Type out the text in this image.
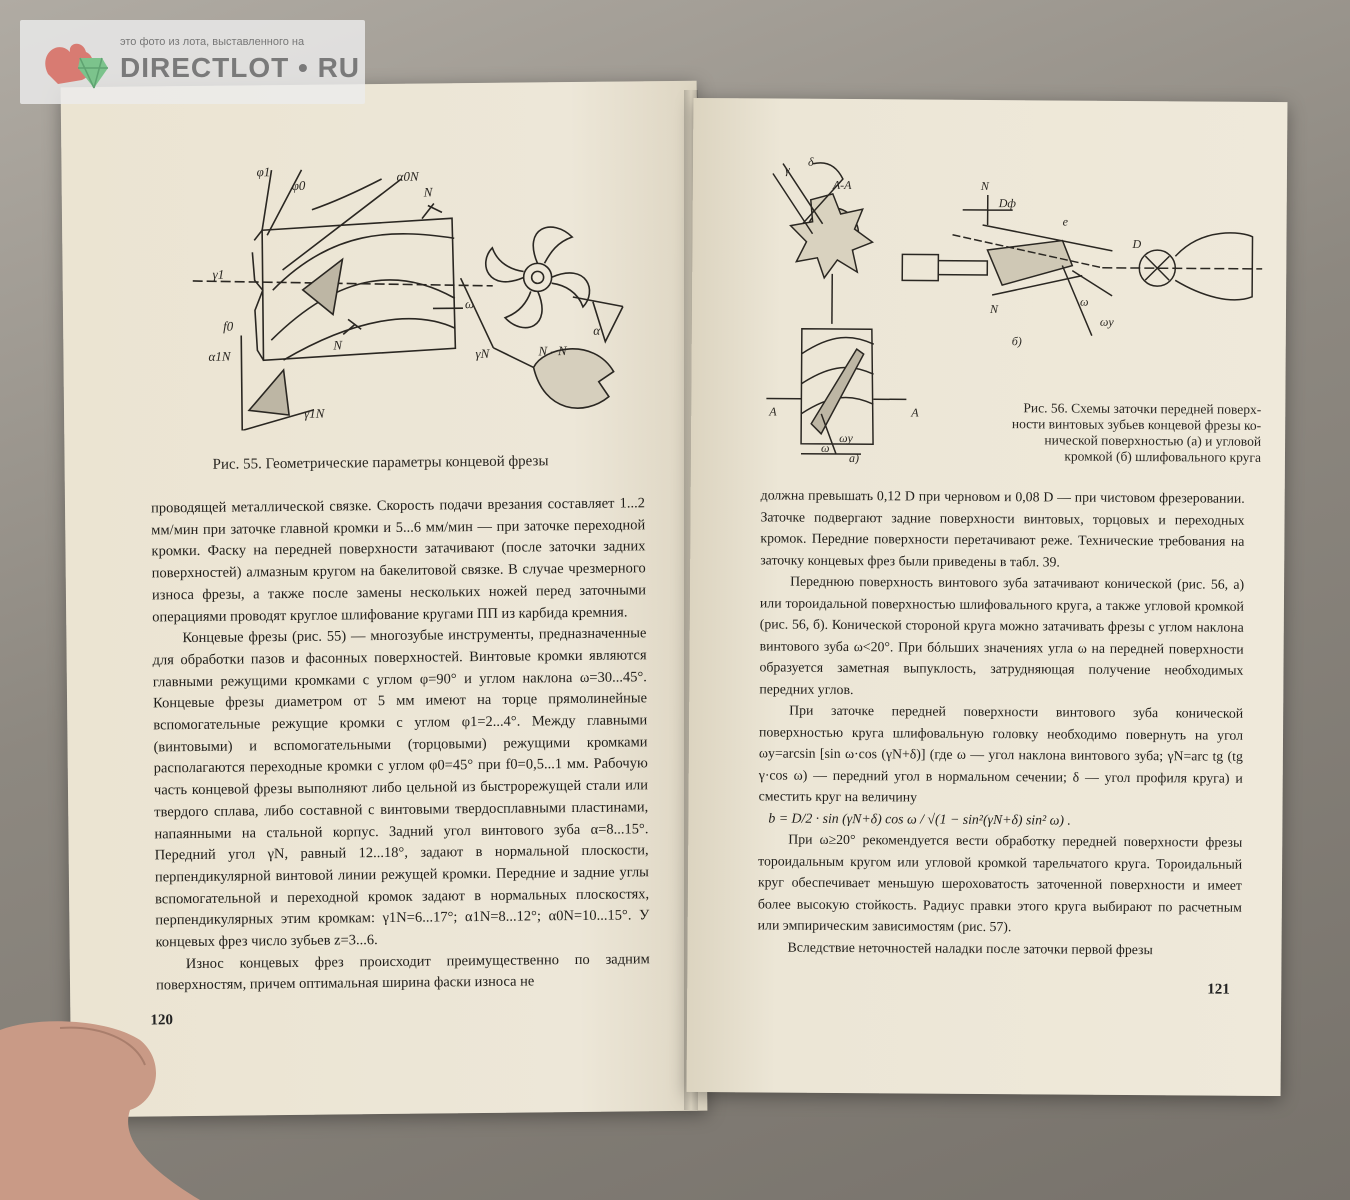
φ1
φ0
α0N
N
γ1
f0
ω
γN
N	N - N
α
α1N
γ1N
Рис. 55. Геометрические параметры концевой фрезы

проводящей металлической связке. Скорость подачи врезания составляет 1...2 мм/мин при заточке главной кромки и 5...6 мм/мин — при заточке переходной кромки. Фаску на передней поверхности затачивают (после заточки задних поверхностей) алмазным кругом на бакелитовой связке. В случае чрезмерного износа фрезы, а также после замены нескольких ножей перед заточными операциями проводят круглое шлифование кругами ПП из карбида кремния.

Концевые фрезы (рис. 55) — многозубые инструменты, предназначенные для обработки пазов и фасонных поверхностей. Винтовые кромки являются главными режущими кромками с углом φ=90° и углом наклона ω=30...45°. Концевые фрезы диаметром от 5 мм имеют на торце прямолинейные вспомогательные режущие кромки с углом φ1=2...4°. Между главными (винтовыми) и вспомогательными (торцовыми) режущими кромками располагаются переходные кромки с углом φ0=45° при f0=0,5...1 мм. Рабочую часть концевой фрезы выполняют либо цельной из быстрорежущей стали или твердого сплава, либо составной с винтовыми твердосплавными пластинами, напаянными на стальной корпус. Задний угол винтового зуба α=8...15°. Передний угол γN, равный 12...18°, задают в нормальной плоскости, перпендикулярной винтовой линии режущей кромки. Передние и задние углы вспомогательной и переходной кромок задают в нормальных плоскостях, перпендикулярных этим кромкам: γ1N=6...17°; α1N=8...12°; α0N=10...15°. У концевых фрез число зубьев z=3...6.

Износ концевых фрез происходит преимущественно по задним поверхностям, причем оптимальная ширина фаски износа не

120
γ
δ
А-А	N
Dф
e
D
N
ω
ωy
б)
A	A
ωy
ω
а)
Рис. 56. Схемы заточки передней поверх-
ности винтовых зубьев концевой фрезы ко-
нической поверхностью (а) и угловой
кромкой (б) шлифовального круга

должна превышать 0,12 D при черновом и 0,08 D — при чистовом фрезеровании. Заточке подвергают задние поверхности винтовых, торцовых и переходных кромок. Передние поверхности перетачивают реже. Технические требования на заточку концевых фрез были приведены в табл. 39.

Переднюю поверхность винтового зуба затачивают конической (рис. 56, а) или тороидальной поверхностью шлифовального круга, а также угловой кромкой (рис. 56, б). Конической стороной круга можно затачивать фрезы с углом наклона винтового зуба ω<20°. При бóльших значениях угла ω на передней поверхности образуется заметная выпуклость, затрудняющая получение необходимых передних углов.

При заточке передней поверхности винтового зуба конической поверхностью круга шлифовальную головку необходимо повернуть на угол ωy=arcsin [sin ω·cos (γN+δ)] (где ω — угол наклона винтового зуба; γN=arc tg (tg γ·cos ω) — передний угол в нормальном сечении; δ — угол профиля круга) и сместить круг на величину

b = D/2 · sin (γN+δ) cos ω / √(1 − sin²(γN+δ) sin² ω) .

При ω≥20° рекомендуется вести обработку передней поверхности фрезы тороидальным кругом или угловой кромкой тарельчатого круга. Тороидальный круг обеспечивает меньшую шероховатость заточенной поверхности и имеет более высокую стойкость. Радиус правки этого круга выбирают по расчетным или эмпирическим зависимостям (рис. 57).

Вследствие неточностей наладки после заточки первой фрезы

121
это фото из лота, выставленного на
DIRECTLOT • RU
